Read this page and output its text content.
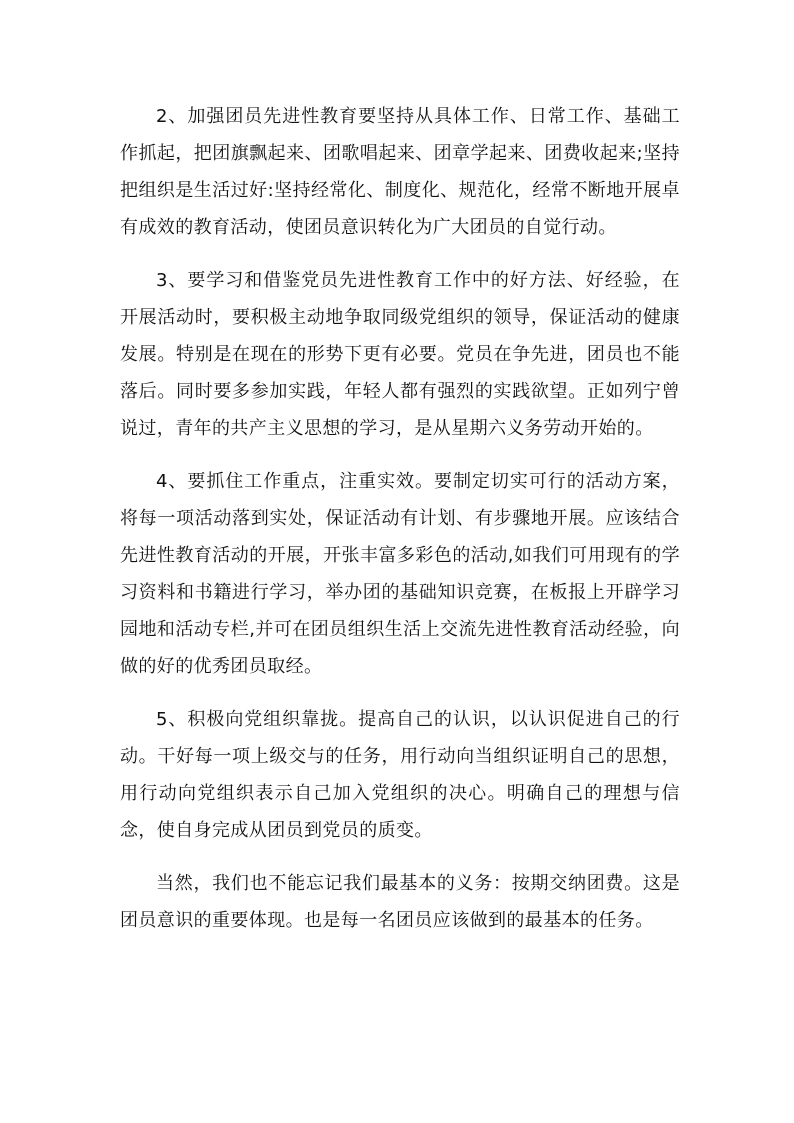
2、加强团员先进性教育要坚持从具体工作、日常工作、基础工作抓起，把团旗飘起来、团歌唱起来、团章学起来、团费收起来;坚持把组织是生活过好:坚持经常化、制度化、规范化，经常不断地开展卓有成效的教育活动，使团员意识转化为广大团员的自觉行动。

3、要学习和借鉴党员先进性教育工作中的好方法、好经验，在开展活动时，要积极主动地争取同级党组织的领导，保证活动的健康发展。特别是在现在的形势下更有必要。党员在争先进，团员也不能落后。同时要多参加实践，年轻人都有强烈的实践欲望。正如列宁曾说过，青年的共产主义思想的学习，是从星期六义务劳动开始的。

4、要抓住工作重点，注重实效。要制定切实可行的活动方案，将每一项活动落到实处，保证活动有计划、有步骤地开展。应该结合先进性教育活动的开展，开张丰富多彩色的活动,如我们可用现有的学习资料和书籍进行学习，举办团的基础知识竞赛，在板报上开辟学习园地和活动专栏,并可在团员组织生活上交流先进性教育活动经验，向做的好的优秀团员取经。

5、积极向党组织靠拢。提高自己的认识，以认识促进自己的行动。干好每一项上级交与的任务，用行动向当组织证明自己的思想，用行动向党组织表示自己加入党组织的决心。明确自己的理想与信念，使自身完成从团员到党员的质变。

当然，我们也不能忘记我们最基本的义务：按期交纳团费。这是团员意识的重要体现。也是每一名团员应该做到的最基本的任务。
